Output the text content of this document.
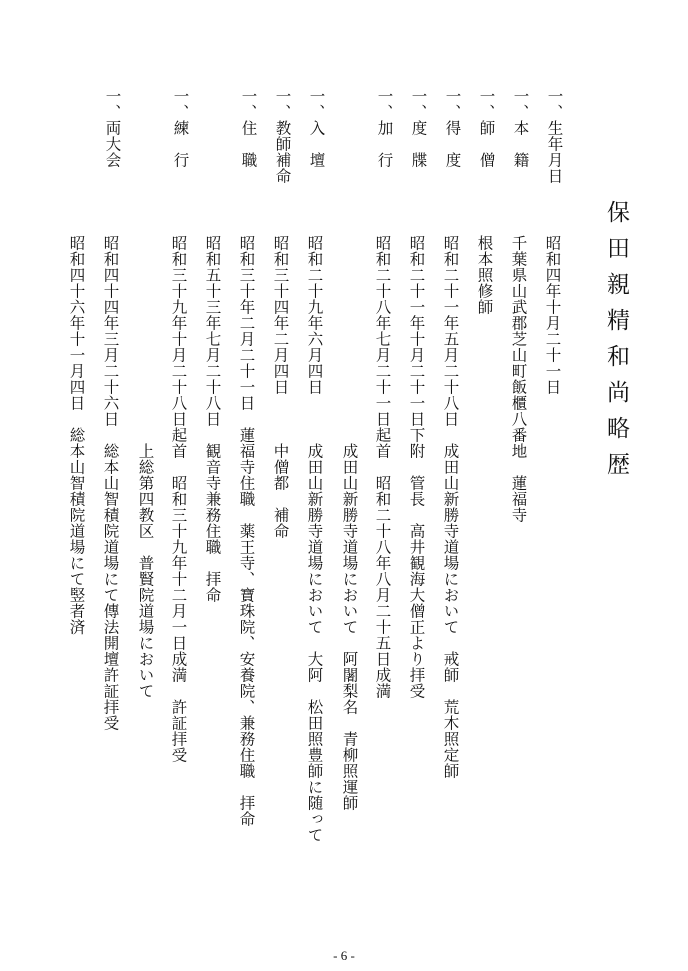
保田親精和尚略歴
一、生年月日
昭和四年十月二十一日
一、本　籍
千葉県山武郡芝山町飯櫃八番地　蓮福寺
一、師　僧
根本照修師
一、得　度
昭和二十一年五月二十八日　成田山新勝寺道場において　戒師　荒木照定師
一、度　牒
昭和二十一年十月二十一日下附　管長　高井観海大僧正より拝受
一、加　行
昭和二十八年七月二十一日起首　昭和二十八年八月二十五日成満
成田山新勝寺道場において　阿闍梨名　青柳照運師
一、入　壇
昭和二十九年六月四日
成田山新勝寺道場において　大阿　松田照豊師に随って
一、教師補命
昭和三十四年二月四日
中僧都　補命
一、住　職
昭和三十年二月二十一日　蓮福寺住職　薬王寺、寶珠院、安養院、兼務住職　拝命
昭和五十三年七月二十八日　観音寺兼務住職　拝命
一、練　行
昭和三十九年十月二十八日起首　昭和三十九年十二月一日成満　許証拝受
上総第四教区　普賢院道場において
一、両大会
昭和四十四年三月二十六日　総本山智積院道場にて傳法開壇許証拝受
昭和四十六年十一月四日　総本山智積院道場にて竪者済
- 6 -
